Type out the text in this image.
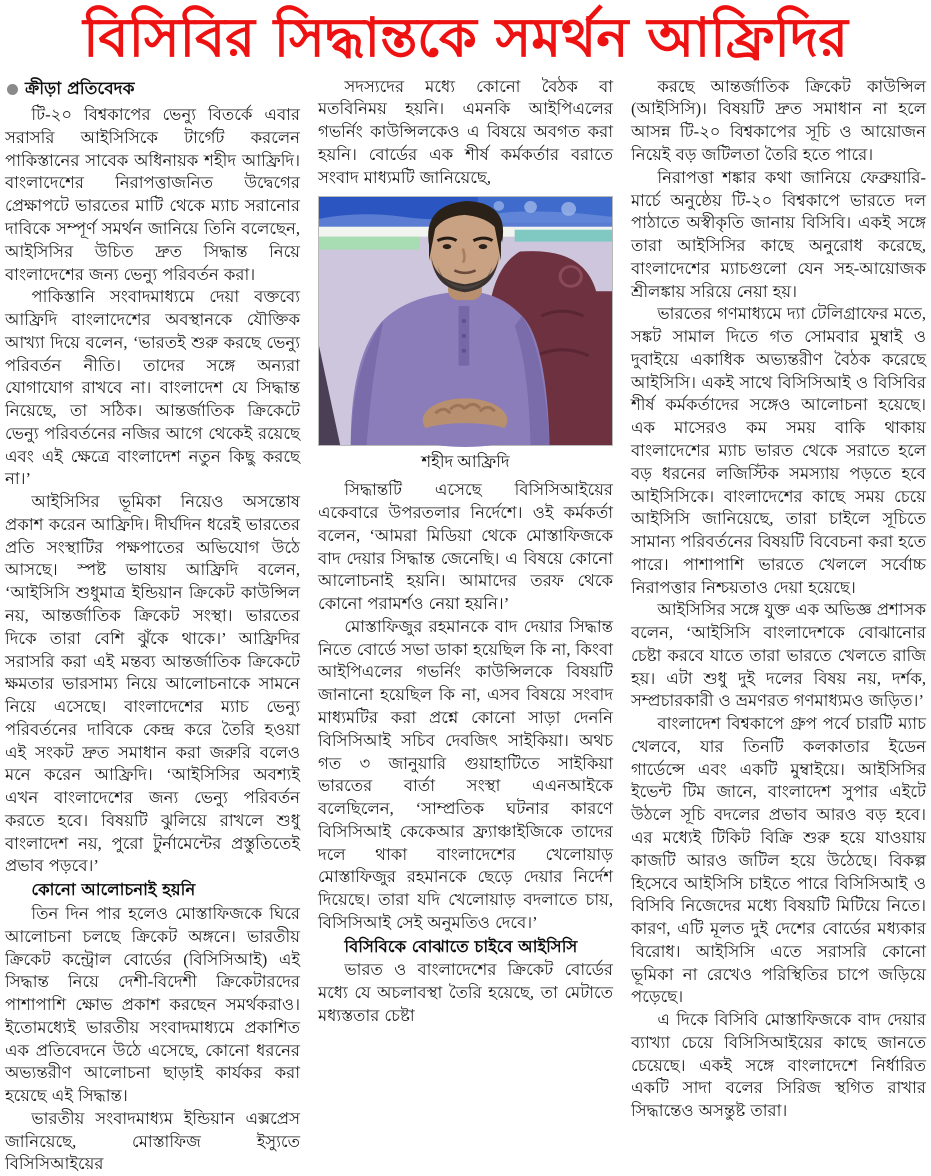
বিসিবির সিদ্ধান্তকে সমর্থন আফ্রিদির
ক্রীড়া প্রতিবেদক

টি-২০ বিশ্বকাপের ভেন্যু বিতর্কে এবার সরাসরি আইসিসিকে টার্গেট করলেন পাকিস্তানের সাবেক অধিনায়ক শহীদ আফ্রিদি। বাংলাদেশের নিরাপত্তাজনিত উদ্বেগের প্রেক্ষাপটে ভারতের মাটি থেকে ম্যাচ সরানোর দাবিকে সম্পূর্ণ সমর্থন জানিয়ে তিনি বলেছেন, আইসিসির উচিত দ্রুত সিদ্ধান্ত নিয়ে বাংলাদেশের জন্য ভেন্যু পরিবর্তন করা।

পাকিস্তানি সংবাদমাধ্যমে দেয়া বক্তব্যে আফ্রিদি বাংলাদেশের অবস্থানকে যৌক্তিক আখ্যা দিয়ে বলেন, ‘ভারতই শুরু করছে ভেন্যু পরিবর্তন নীতি। তাদের সঙ্গে অন্যরা যোগাযোগ রাখবে না। বাংলাদেশ যে সিদ্ধান্ত নিয়েছে, তা সঠিক। আন্তর্জাতিক ক্রিকেটে ভেন্যু পরিবর্তনের নজির আগে থেকেই রয়েছে এবং এই ক্ষেত্রে বাংলাদেশ নতুন কিছু করছে না।’

আইসিসির ভূমিকা নিয়েও অসন্তোষ প্রকাশ করেন আফ্রিদি। দীর্ঘদিন ধরেই ভারতের প্রতি সংস্থাটির পক্ষপাতের অভিযোগ উঠে আসছে। স্পষ্ট ভাষায় আফ্রিদি বলেন, ‘আইসিসি শুধুমাত্র ইন্ডিয়ান ক্রিকেট কাউন্সিল নয়, আন্তর্জাতিক ক্রিকেট সংস্থা। ভারতের দিকে তারা বেশি ঝুঁকে থাকে।’ আফ্রিদির সরাসরি করা এই মন্তব্য আন্তর্জাতিক ক্রিকেটে ক্ষমতার ভারসাম্য নিয়ে আলোচনাকে সামনে নিয়ে এসেছে। বাংলাদেশের ম্যাচ ভেন্যু পরিবর্তনের দাবিকে কেন্দ্র করে তৈরি হওয়া এই সংকট দ্রুত সমাধান করা জরুরি বলেও মনে করেন আফ্রিদি। ‘আইসিসির অবশ্যই এখন বাংলাদেশের জন্য ভেন্যু পরিবর্তন করতে হবে। বিষয়টি ঝুলিয়ে রাখলে শুধু বাংলাদেশ নয়, পুরো টুর্নামেন্টের প্রস্তুতিতেই প্রভাব পড়বে।’

কোনো আলোচনাই হয়নি

তিন দিন পার হলেও মোস্তাফিজকে ঘিরে আলোচনা চলছে ক্রিকেট অঙ্গনে। ভারতীয় ক্রিকেট কন্ট্রোল বোর্ডের (বিসিসিআই) এই সিদ্ধান্ত নিয়ে দেশী-বিদেশী ক্রিকেটারদের পাশাপাশি ক্ষোভ প্রকাশ করছেন সমর্থকরাও। ইতোমধ্যেই ভারতীয় সংবাদমাধ্যমে প্রকাশিত এক প্রতিবেদনে উঠে এসেছে, কোনো ধরনের অভ্যন্তরীণ আলোচনা ছাড়াই কার্যকর করা হয়েছে এই সিদ্ধান্ত।

ভারতীয় সংবাদমাধ্যম ইন্ডিয়ান এক্সপ্রেস জানিয়েছে, মোস্তাফিজ ইস্যুতে বিসিসিআইয়ের

সদস্যদের মধ্যে কোনো বৈঠক বা মতবিনিময় হয়নি। এমনকি আইপিএলের গভর্নিং কাউন্সিলকেও এ বিষয়ে অবগত করা হয়নি। বোর্ডের এক শীর্ষ কর্মকর্তার বরাতে সংবাদ মাধ্যমটি জানিয়েছে,

শহীদ আফ্রিদি

সিদ্ধান্তটি এসেছে বিসিসিআইয়ের একেবারে উপরতলার নির্দেশে। ওই কর্মকর্তা বলেন, ‘আমরা মিডিয়া থেকে মোস্তাফিজকে বাদ দেয়ার সিদ্ধান্ত জেনেছি। এ বিষয়ে কোনো আলোচনাই হয়নি। আমাদের তরফ থেকে কোনো পরামর্শও নেয়া হয়নি।’

মোস্তাফিজুর রহমানকে বাদ দেয়ার সিদ্ধান্ত নিতে বোর্ডে সভা ডাকা হয়েছিল কি না, কিংবা আইপিএলের গভর্নিং কাউন্সিলকে বিষয়টি জানানো হয়েছিল কি না, এসব বিষয়ে সংবাদ মাধ্যমটির করা প্রশ্নে কোনো সাড়া দেননি বিসিসিআই সচিব দেবজিৎ সাইকিয়া। অথচ গত ৩ জানুয়ারি গুয়াহাটিতে সাইকিয়া ভারতের বার্তা সংস্থা এএনআইকে বলেছিলেন, ‘সাম্প্রতিক ঘটনার কারণে বিসিসিআই কেকেআর ফ্র্যাঞ্চাইজিকে তাদের দলে থাকা বাংলাদেশের খেলোয়াড় মোস্তাফিজুর রহমানকে ছেড়ে দেয়ার নির্দেশ দিয়েছে। তারা যদি খেলোয়াড় বদলাতে চায়, বিসিসিআই সেই অনুমতিও দেবে।’

বিসিবিকে বোঝাতে চাইবে আইসিসি

ভারত ও বাংলাদেশের ক্রিকেট বোর্ডের মধ্যে যে অচলাবস্থা তৈরি হয়েছে, তা মেটাতে মধ্যস্ততার চেষ্টা

করছে আন্তর্জাতিক ক্রিকেট কাউন্সিল (আইসিসি)। বিষয়টি দ্রুত সমাধান না হলে আসন্ন টি-২০ বিশ্বকাপের সূচি ও আয়োজন নিয়েই বড় জটিলতা তৈরি হতে পারে।

নিরাপত্তা শঙ্কার কথা জানিয়ে ফেব্রুয়ারি-মার্চে অনুষ্ঠেয় টি-২০ বিশ্বকাপে ভারতে দল পাঠাতে অস্বীকৃতি জানায় বিসিবি। একই সঙ্গে তারা আইসিসির কাছে অনুরোধ করেছে, বাংলাদেশের ম্যাচগুলো যেন সহ-আয়োজক শ্রীলঙ্কায় সরিয়ে নেয়া হয়।

ভারতের গণমাধ্যমে দ্যা টেলিগ্রাফের মতে, সঙ্কট সামাল দিতে গত সোমবার মুম্বাই ও দুবাইয়ে একাধিক অভ্যন্তরীণ বৈঠক করেছে আইসিসি। একই সাথে বিসিসিআই ও বিসিবির শীর্ষ কর্মকর্তাদের সঙ্গেও আলোচনা হয়েছে। এক মাসেরও কম সময় বাকি থাকায় বাংলাদেশের ম্যাচ ভারত থেকে সরাতে হলে বড় ধরনের লজিস্টিক সমস্যায় পড়তে হবে আইসিসিকে। বাংলাদেশের কাছে সময় চেয়ে আইসিসি জানিয়েছে, তারা চাইলে সূচিতে সামান্য পরিবর্তনের বিষয়টি বিবেচনা করা হতে পারে। পাশাপাশি ভারতে খেললে সর্বোচ্চ নিরাপত্তার নিশ্চয়তাও দেয়া হয়েছে।

আইসিসির সঙ্গে যুক্ত এক অভিজ্ঞ প্রশাসক বলেন, ‘আইসিসি বাংলাদেশকে বোঝানোর চেষ্টা করবে যাতে তারা ভারতে খেলতে রাজি হয়। এটা শুধু দুই দলের বিষয় নয়, দর্শক, সম্প্রচারকারী ও ভ্রমণরত গণমাধ্যমও জড়িত।’

বাংলাদেশ বিশ্বকাপে গ্রুপ পর্বে চারটি ম্যাচ খেলবে, যার তিনটি কলকাতার ইডেন গার্ডেন্সে এবং একটি মুম্বাইয়ে। আইসিসির ইভেন্ট টিম জানে, বাংলাদেশ সুপার এইটে উঠলে সূচি বদলের প্রভাব আরও বড় হবে। এর মধ্যেই টিকিট বিক্রি শুরু হয়ে যাওয়ায় কাজটি আরও জটিল হয়ে উঠেছে। বিকল্প হিসেবে আইসিসি চাইতে পারে বিসিসিআই ও বিসিবি নিজেদের মধ্যে বিষয়টি মিটিয়ে নিতে। কারণ, এটি মূলত দুই দেশের বোর্ডের মধ্যকার বিরোধ। আইসিসি এতে সরাসরি কোনো ভূমিকা না রেখেও পরিস্থিতির চাপে জড়িয়ে পড়েছে।

এ দিকে বিসিবি মোস্তাফিজকে বাদ দেয়ার ব্যাখ্যা চেয়ে বিসিসিআইয়ের কাছে জানতে চেয়েছে। একই সঙ্গে বাংলাদেশে নির্ধারিত একটি সাদা বলের সিরিজ স্থগিত রাখার সিদ্ধান্তেও অসন্তুষ্ট তারা।
